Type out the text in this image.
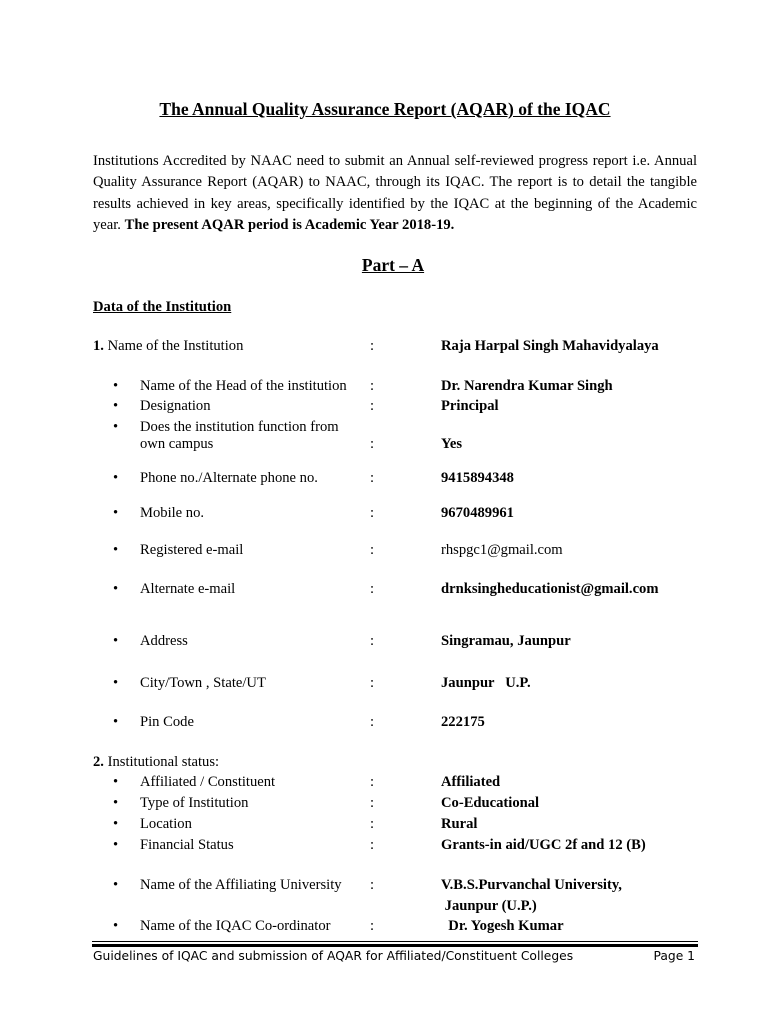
The Annual Quality Assurance Report (AQAR) of the IQAC
Institutions Accredited by NAAC need to submit an Annual self-reviewed progress report i.e. Annual Quality Assurance Report (AQAR) to NAAC, through its IQAC. The report is to detail the tangible results achieved in key areas, specifically identified by the IQAC at the beginning of the Academic year. The present AQAR period is Academic Year 2018-19.
Part – A
Data of the Institution
1. Name of the Institution	:	Raja Harpal Singh Mahavidyalaya
• Name of the Head of the institution :	Dr. Narendra Kumar Singh
• Designation	:	Principal
• Does the institution function from
own campus	:	Yes
• Phone no./Alternate phone no.	:	9415894348
• Mobile no.	:	9670489961
• Registered e-mail	:	rhspgc1@gmail.com
• Alternate e-mail	:	drnksingheducationist@gmail.com
• Address	:	Singramau, Jaunpur
• City/Town , State/UT	:	Jaunpur   U.P.
• Pin Code	:	222175
2. Institutional status:
• Affiliated / Constituent	:	Affiliated
• Type of Institution	:	Co-Educational
• Location	:	Rural
• Financial Status	:	Grants-in aid/UGC 2f and 12 (B)
• Name of the Affiliating University :	V.B.S.Purvanchal University,
Jaunpur (U.P.)
• Name of the IQAC Co-ordinator	:	Dr. Yogesh Kumar
Guidelines of IQAC and submission of AQAR for Affiliated/Constituent Colleges	Page 1
